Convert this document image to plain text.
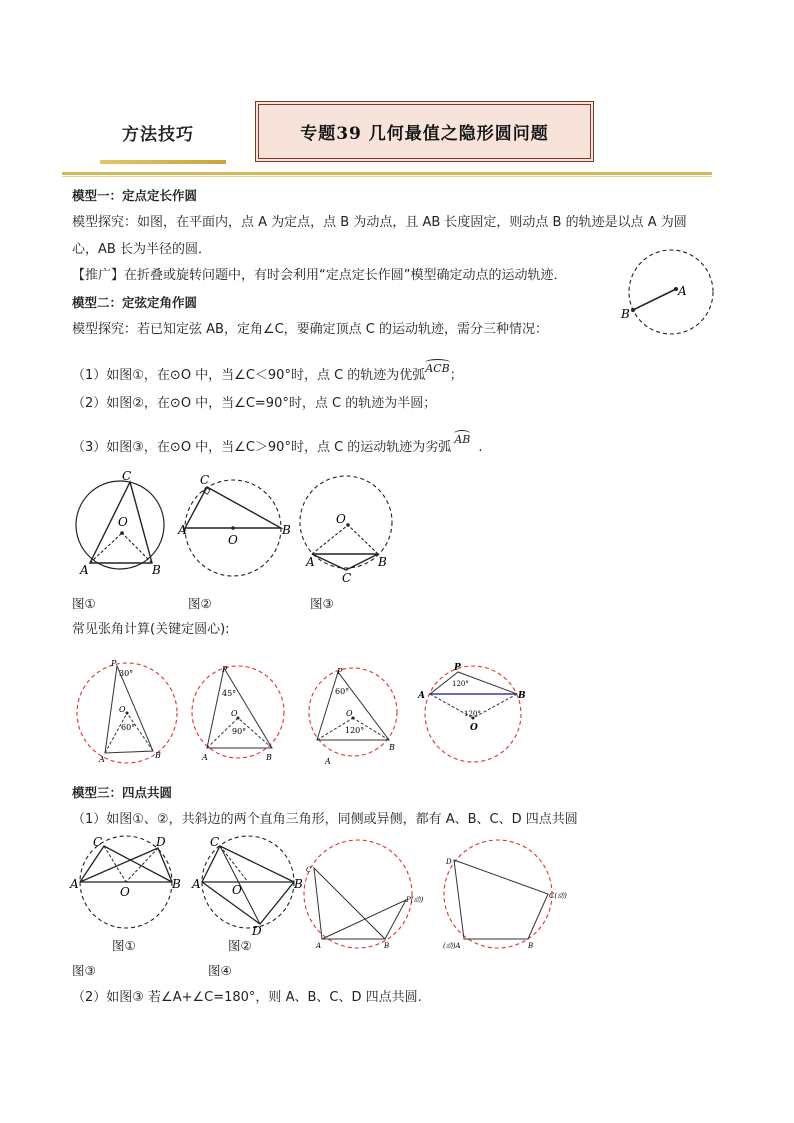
方法技巧	专题39 几何最值之隐形圆问题
模型一：定点定长作圆
模型探究：如图，在平面内，点 A 为定点，点 B 为动点，且 AB 长度固定，则动点 B 的轨迹是以点 A 为圆
心，AB 长为半径的圆．
【推广】在折叠或旋转问题中，有时会利用“定点定长作圆”模型确定动点的运动轨迹．
A
B
模型二：定弦定角作圆
模型探究：若已知定弦 AB，定角∠C，要确定顶点 C 的运动轨迹，需分三种情况：
（1）如图①，在⊙O 中，当∠C＜90°时，点 C 的轨迹为优弧
ACB；
（2）如图②，在⊙O 中，当∠C=90°时，点 C 的轨迹为半圆；
（3）如图③，在⊙O 中，当∠C＞90°时，点 C 的运动轨迹为劣弧
AB.
C
O
A	B
C
A	B
O
O
A	B
C
图①	图②	图③
常见张角计算(关键定圆心):
P
30°
O
60°
A	B
P
45°
O
90°
A	B
P
60°
O
120°
A
B
P
120°
A	B
120°
O
模型三：四点共圆
（1）如图①、②，共斜边的两个直角三角形，同侧或异侧，都有 A、B、C、D 四点共圆
C	D
A	B
O
C
D
A	B
O
C
A	B
P(动)
D
C(动)
B
(动)A
图①	图②
图③	图④
（2）如图③ 若∠A+∠C=180°，则 A、B、C、D 四点共圆.
